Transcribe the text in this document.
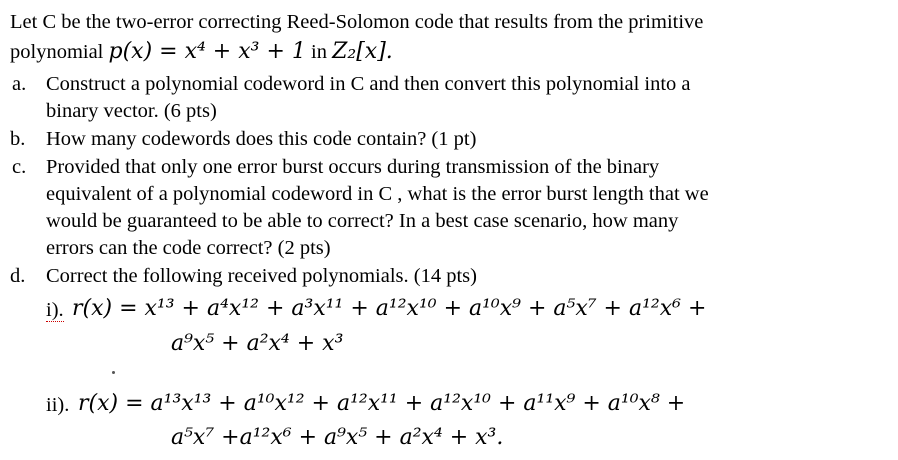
Let C be the two-error correcting Reed-Solomon code that results from the primitive
polynomial p(x) = x⁴ + x³ + 1 in Z₂[x].
a. Construct a polynomial codeword in C and then convert this polynomial into a
binary vector. (6 pts)
b. How many codewords does this code contain? (1 pt)
c. Provided that only one error burst occurs during transmission of the binary
equivalent of a polynomial codeword in C , what is the error burst length that we
would be guaranteed to be able to correct? In a best case scenario, how many
errors can the code correct? (2 pts)
d. Correct the following received polynomials. (14 pts)
i). r(x) = x¹³ + a⁴x¹² + a³x¹¹ + a¹²x¹⁰ + a¹⁰x⁹ + a⁵x⁷ + a¹²x⁶ +
a⁹x⁵ + a²x⁴ + x³
ii). r(x) = a¹³x¹³ + a¹⁰x¹² + a¹²x¹¹ + a¹²x¹⁰ + a¹¹x⁹ + a¹⁰x⁸ +
a⁵x⁷ +a¹²x⁶ + a⁹x⁵ + a²x⁴ + x³.
